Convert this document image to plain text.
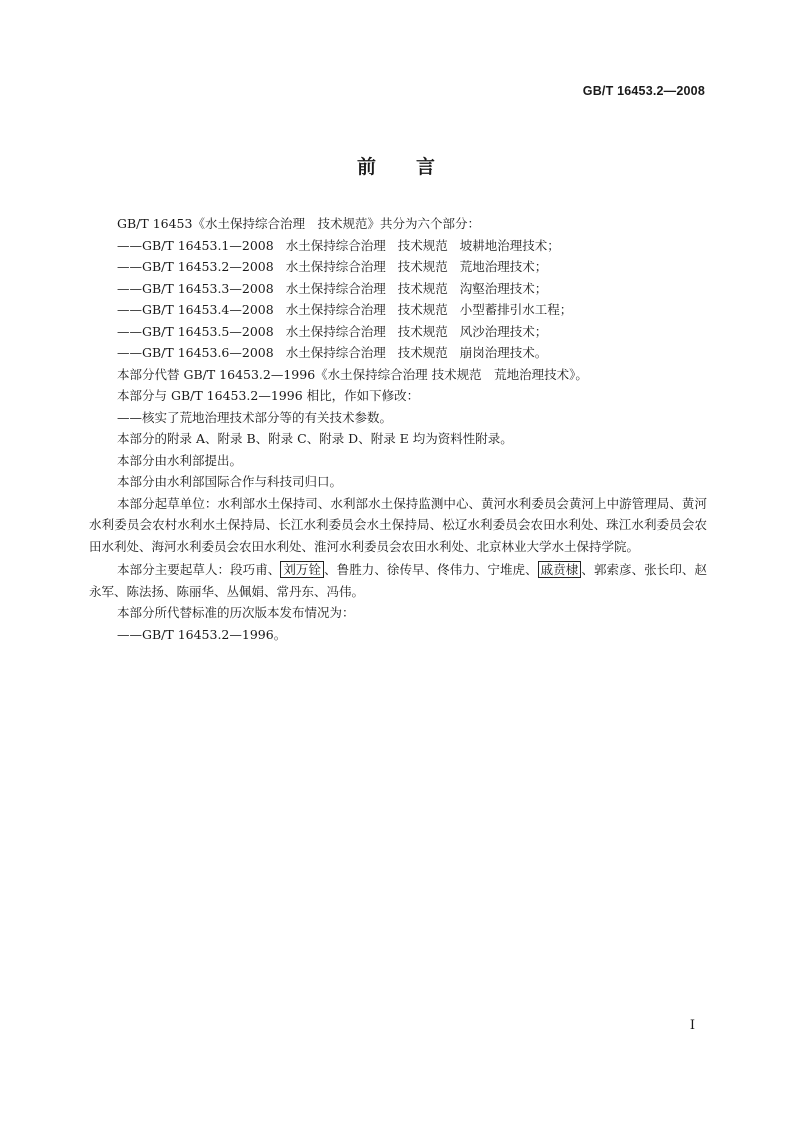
GB/T 16453.2—2008
前 言

GB/T 16453《水土保持综合治理　技术规范》共分为六个部分：

——GB/T 16453.1—2008 水土保持综合治理 技术规范 坡耕地治理技术；

——GB/T 16453.2—2008 水土保持综合治理 技术规范 荒地治理技术；

——GB/T 16453.3—2008 水土保持综合治理 技术规范 沟壑治理技术；

——GB/T 16453.4—2008 水土保持综合治理 技术规范 小型蓄排引水工程；

——GB/T 16453.5—2008 水土保持综合治理 技术规范 风沙治理技术；

——GB/T 16453.6—2008 水土保持综合治理 技术规范 崩岗治理技术。

本部分代替 GB/T 16453.2—1996《水土保持综合治理 技术规范　荒地治理技术》。

本部分与 GB/T 16453.2—1996 相比，作如下修改：

——核实了荒地治理技术部分等的有关技术参数。

本部分的附录 A、附录 B、附录 C、附录 D、附录 E 均为资料性附录。

本部分由水利部提出。

本部分由水利部国际合作与科技司归口。

本部分起草单位：水利部水土保持司、水利部水土保持监测中心、黄河水利委员会黄河上中游管理局、黄河水利委员会农村水利水土保持局、长江水利委员会水土保持局、松辽水利委员会农田水利处、珠江水利委员会农田水利处、海河水利委员会农田水利处、淮河水利委员会农田水利处、北京林业大学水土保持学院。

本部分主要起草人：段巧甫、 刘万铨 、鲁胜力、徐传早、佟伟力、宁堆虎、 戚贲棣 、郭索彦、张长印、赵永军、陈法扬、陈丽华、丛佩娟、常丹东、冯伟。

本部分所代替标准的历次版本发布情况为：

——GB/T 16453.2—1996。

I
